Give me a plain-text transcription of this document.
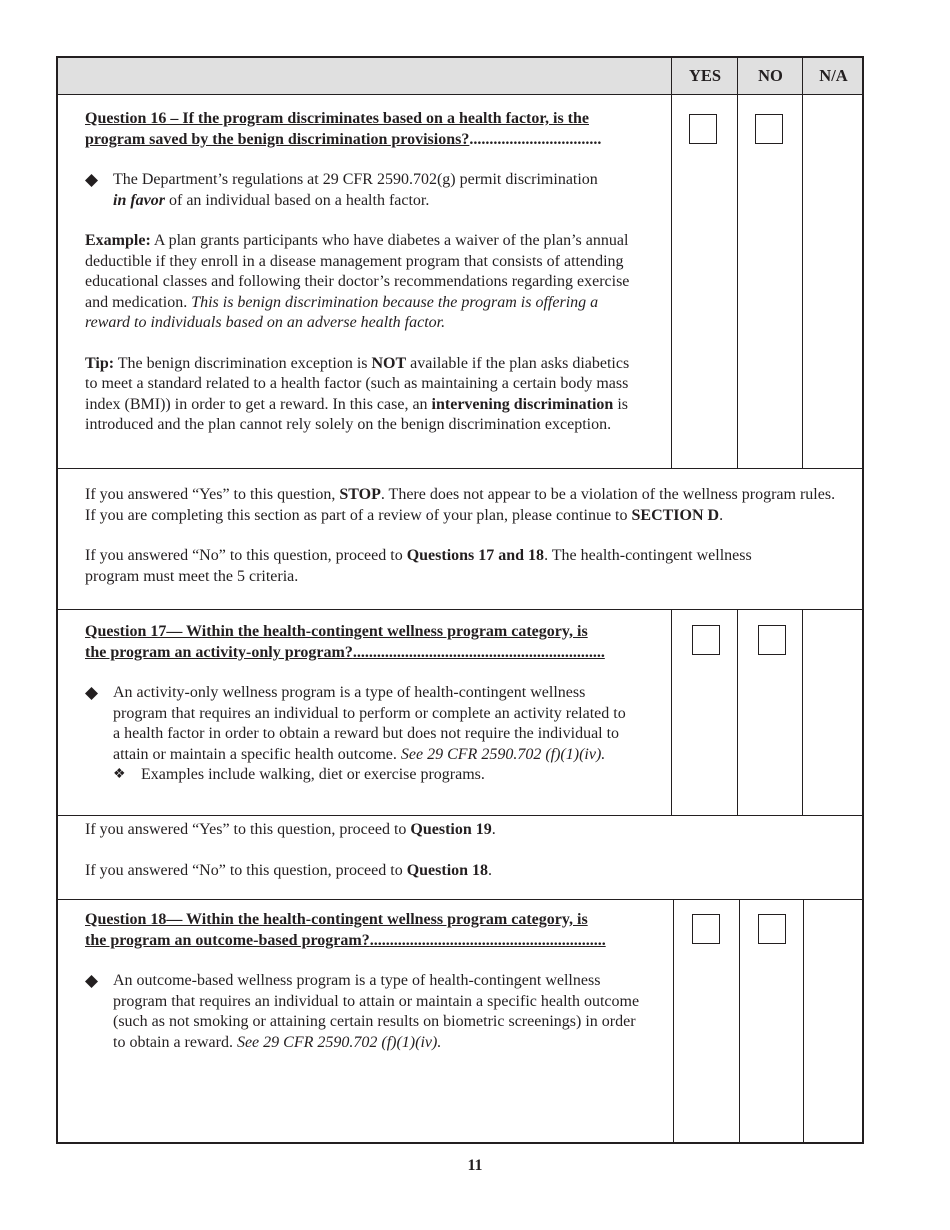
YES	NO	N/A

Question 16 – If the program discriminates based on a health factor, is the
program saved by the benign discrimination provisions?.................................

The Department’s regulations at 29 CFR 2590.702(g) permit discrimination
in favor of an individual based on a health factor.

Example: A plan grants participants who have diabetes a waiver of the plan’s annual deductible if they enroll in a disease management program that consists of attending educational classes and following their doctor’s recommendations regarding exercise and medication. This is benign discrimination because the program is offering a reward to individuals based on an adverse health factor.

Tip: The benign discrimination exception is NOT available if the plan asks diabetics to meet a standard related to a health factor (such as maintaining a certain body mass index (BMI)) in order to get a reward. In this case, an intervening discrimination is introduced and the plan cannot rely solely on the benign discrimination exception.

If you answered “Yes” to this question, STOP. There does not appear to be a violation of the wellness program rules. If you are completing this section as part of a review of your plan, please continue to SECTION D.

If you answered “No” to this question, proceed to Questions 17 and 18. The health-contingent wellness program must meet the 5 criteria.

Question 17— Within the health-contingent wellness program category, is
the program an activity-only program?...............................................................

An activity-only wellness program is a type of health-contingent wellness program that requires an individual to perform or complete an activity related to a health factor in order to obtain a reward but does not require the individual to attain or maintain a specific health outcome. See 29 CFR 2590.702 (f)(1)(iv).
❖ Examples include walking, diet or exercise programs.

If you answered “Yes” to this question, proceed to Question 19.

If you answered “No” to this question, proceed to Question 18.

Question 18— Within the health-contingent wellness program category, is
the program an outcome-based program?...........................................................

An outcome-based wellness program is a type of health-contingent wellness program that requires an individual to attain or maintain a specific health outcome (such as not smoking or attaining certain results on biometric screenings) in order to obtain a reward. See 29 CFR 2590.702 (f)(1)(iv).
11
